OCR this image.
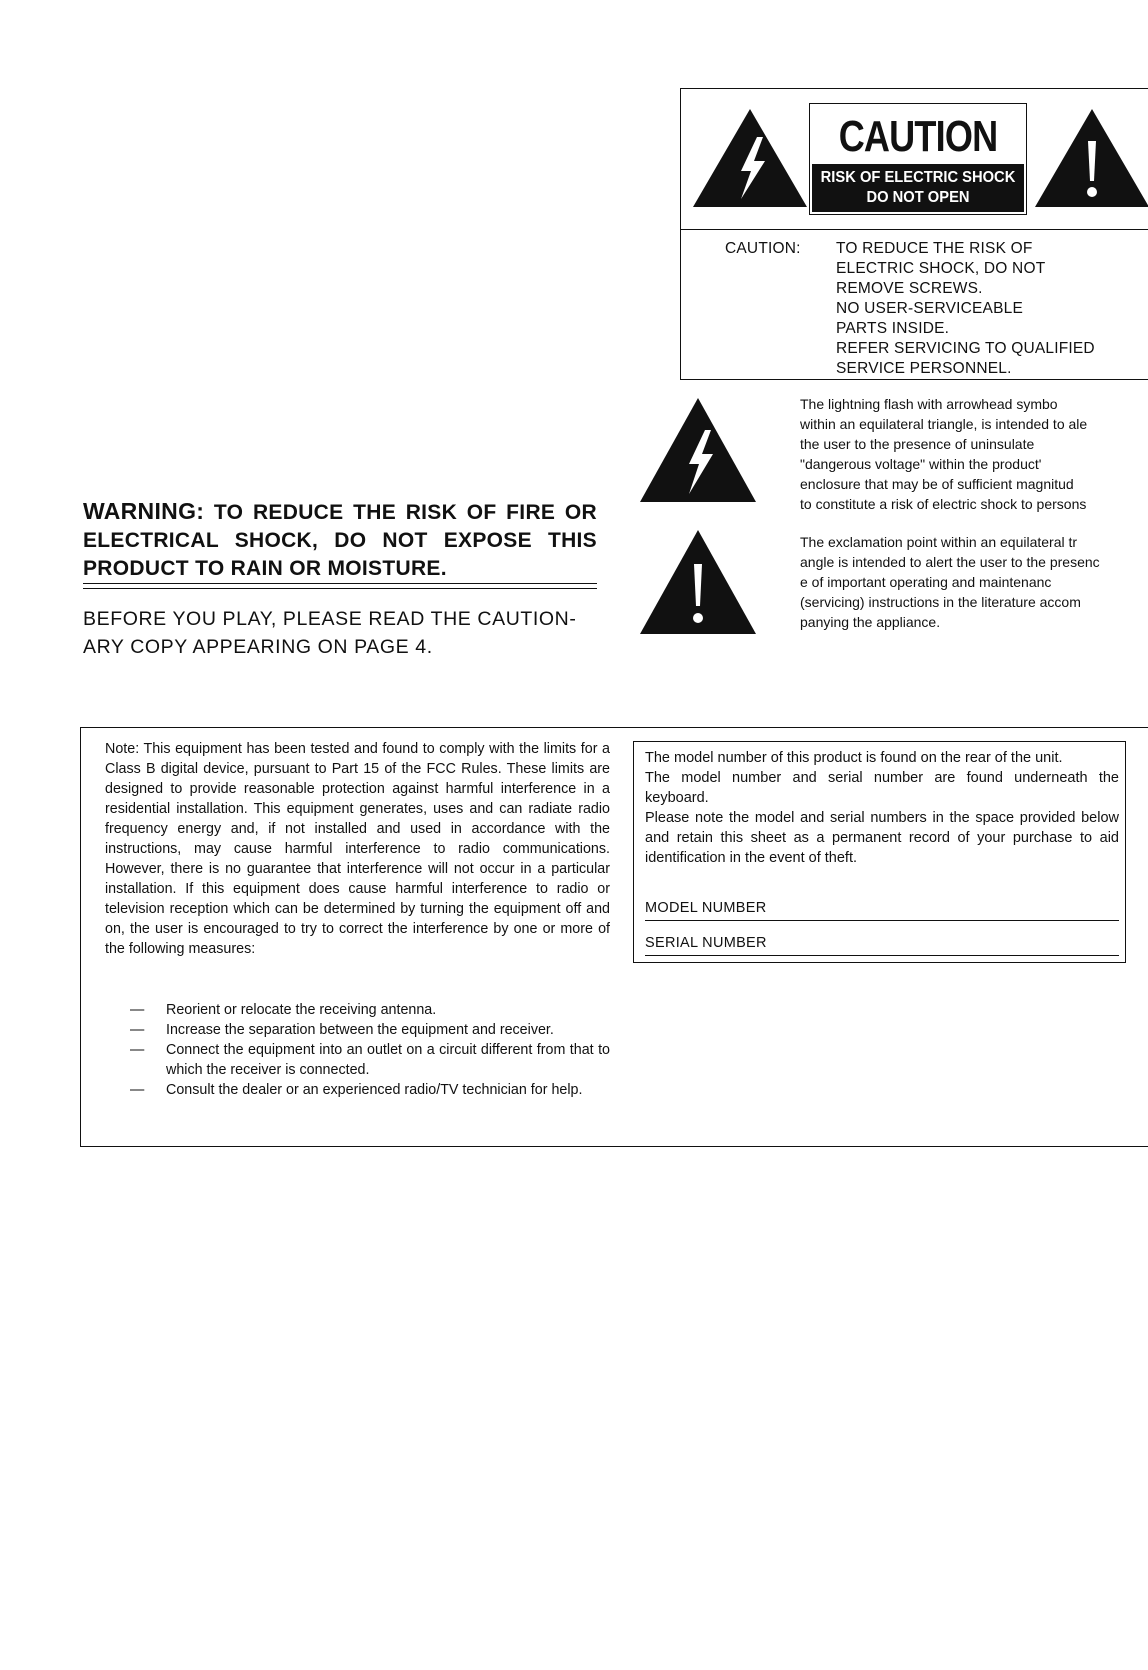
CAUTION
RISK OF ELECTRIC SHOCK
DO NOT OPEN
CAUTION: TO REDUCE THE RISK OF
ELECTRIC SHOCK, DO NOT
REMOVE SCREWS.
NO USER-SERVICEABLE
PARTS INSIDE.
REFER SERVICING TO QUALIFIED
SERVICE PERSONNEL.
The lightning flash with arrowhead symbo
within an equilateral triangle, is intended to ale
the user to the presence of uninsulate
"dangerous voltage" within the product'
enclosure that may be of sufficient magnitud
to constitute a risk of electric shock to persons
The exclamation point within an equilateral tr
angle is intended to alert the user to the presenc
e of important operating and maintenanc
(servicing) instructions in the literature accom
panying the appliance.
WARNING: TO REDUCE THE RISK OF FIRE OR ELECTRICAL SHOCK, DO NOT EXPOSE THIS PRODUCT TO RAIN OR MOISTURE.
BEFORE YOU PLAY, PLEASE READ THE CAUTION-ARY COPY APPEARING ON PAGE 4.
Note: This equipment has been tested and found to comply with the limits for a Class B digital device, pursuant to Part 15 of the FCC Rules. These limits are designed to provide reasonable protection against harmful interference in a residential installation. This equipment generates, uses and can radiate radio frequency energy and, if not installed and used in accordance with the instructions, may cause harmful interference to radio communications. However, there is no guarantee that interference will not occur in a particular installation. If this equipment does cause harmful interference to radio or television reception which can be determined by turning the equipment off and on, the user is encouraged to try to correct the interference by one or more of the following measures:
— Reorient or relocate the receiving antenna.
— Increase the separation between the equipment and receiver.
— Connect the equipment into an outlet on a circuit different from that to which the receiver is connected.
— Consult the dealer or an experienced radio/TV technician for help.
The model number of this product is found on the rear of the unit.
The model number and serial number are found underneath the keyboard.
Please note the model and serial numbers in the space provided below and retain this sheet as a permanent record of your purchase to aid identification in the event of theft.
MODEL NUMBER
SERIAL NUMBER
